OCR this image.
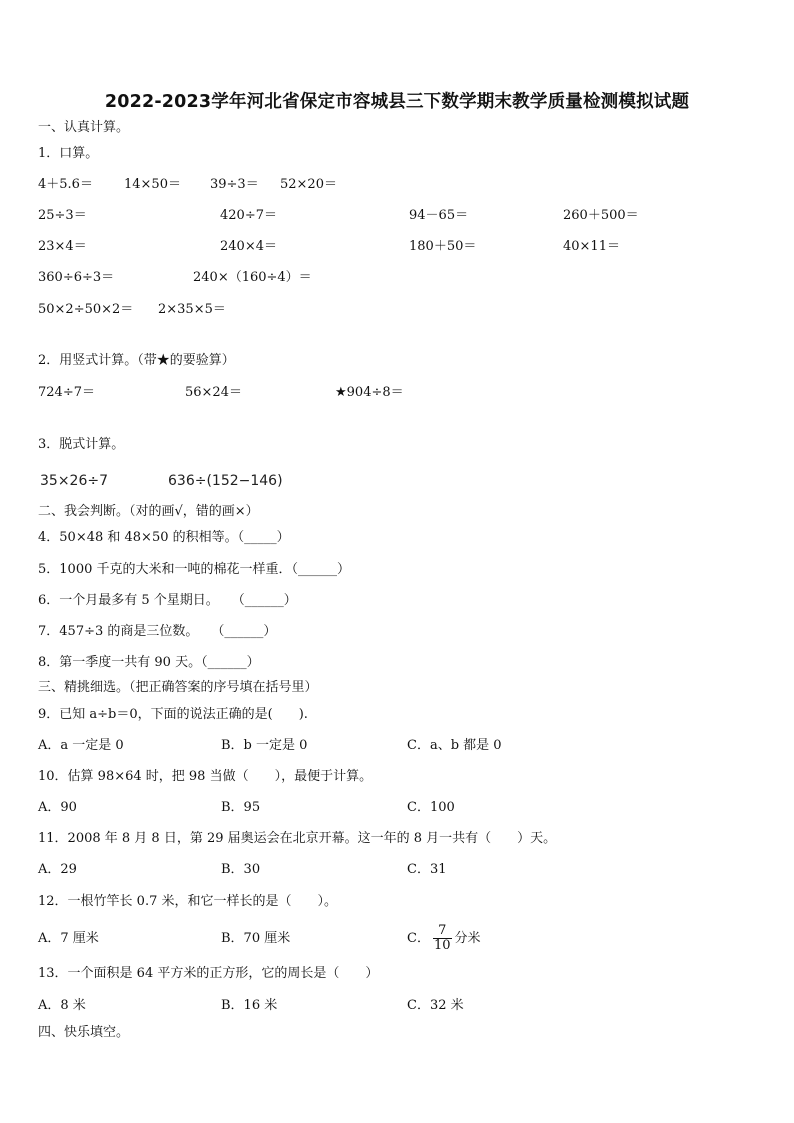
2022-2023学年河北省保定市容城县三下数学期末教学质量检测模拟试题
一、认真计算。
1．口算。
4＋5.6＝ 14×50＝ 39÷3＝ 52×20＝
25÷3＝	420÷7＝	94－65＝	260＋500＝
23×4＝	240×4＝	180＋50＝	40×11＝
360÷6÷3＝	240×（160÷4）＝
50×2÷50×2＝ 2×35×5＝
2．用竖式计算。（带★的要验算）
724÷7＝	56×24＝	★904÷8＝
3．脱式计算。
35×26÷7	636÷(152−146)
二、我会判断。（对的画√，错的画×）
4．50×48 和 48×50 的积相等。（_____）
5．1000 千克的大米和一吨的棉花一样重．（______）
6．一个月最多有 5 个星期日。　　（______）
7．457÷3 的商是三位数。　　（______）
8．第一季度一共有 90 天。（______）
三、精挑细选。（把正确答案的序号填在括号里）
9．已知 a÷b＝0，下面的说法正确的是(　　).
A．a 一定是 0	B．b 一定是 0	C．a、b 都是 0
10．估算 98×64 时，把 98 当做（　　），最便于计算。
A．90	B．95	C．100
11．2008 年 8 月 8 日，第 29 届奥运会在北京开幕。这一年的 8 月一共有（　　）天。
A．29	B．30	C．31
12．一根竹竿长 0.7 米，和它一样长的是（　　）。
A．7 厘米	B．70 厘米	C． $\frac{7}{10}$ 分米
13．一个面积是 64 平方米的正方形，它的周长是（　　）
A．8 米	B．16 米	C．32 米
四、快乐填空。
